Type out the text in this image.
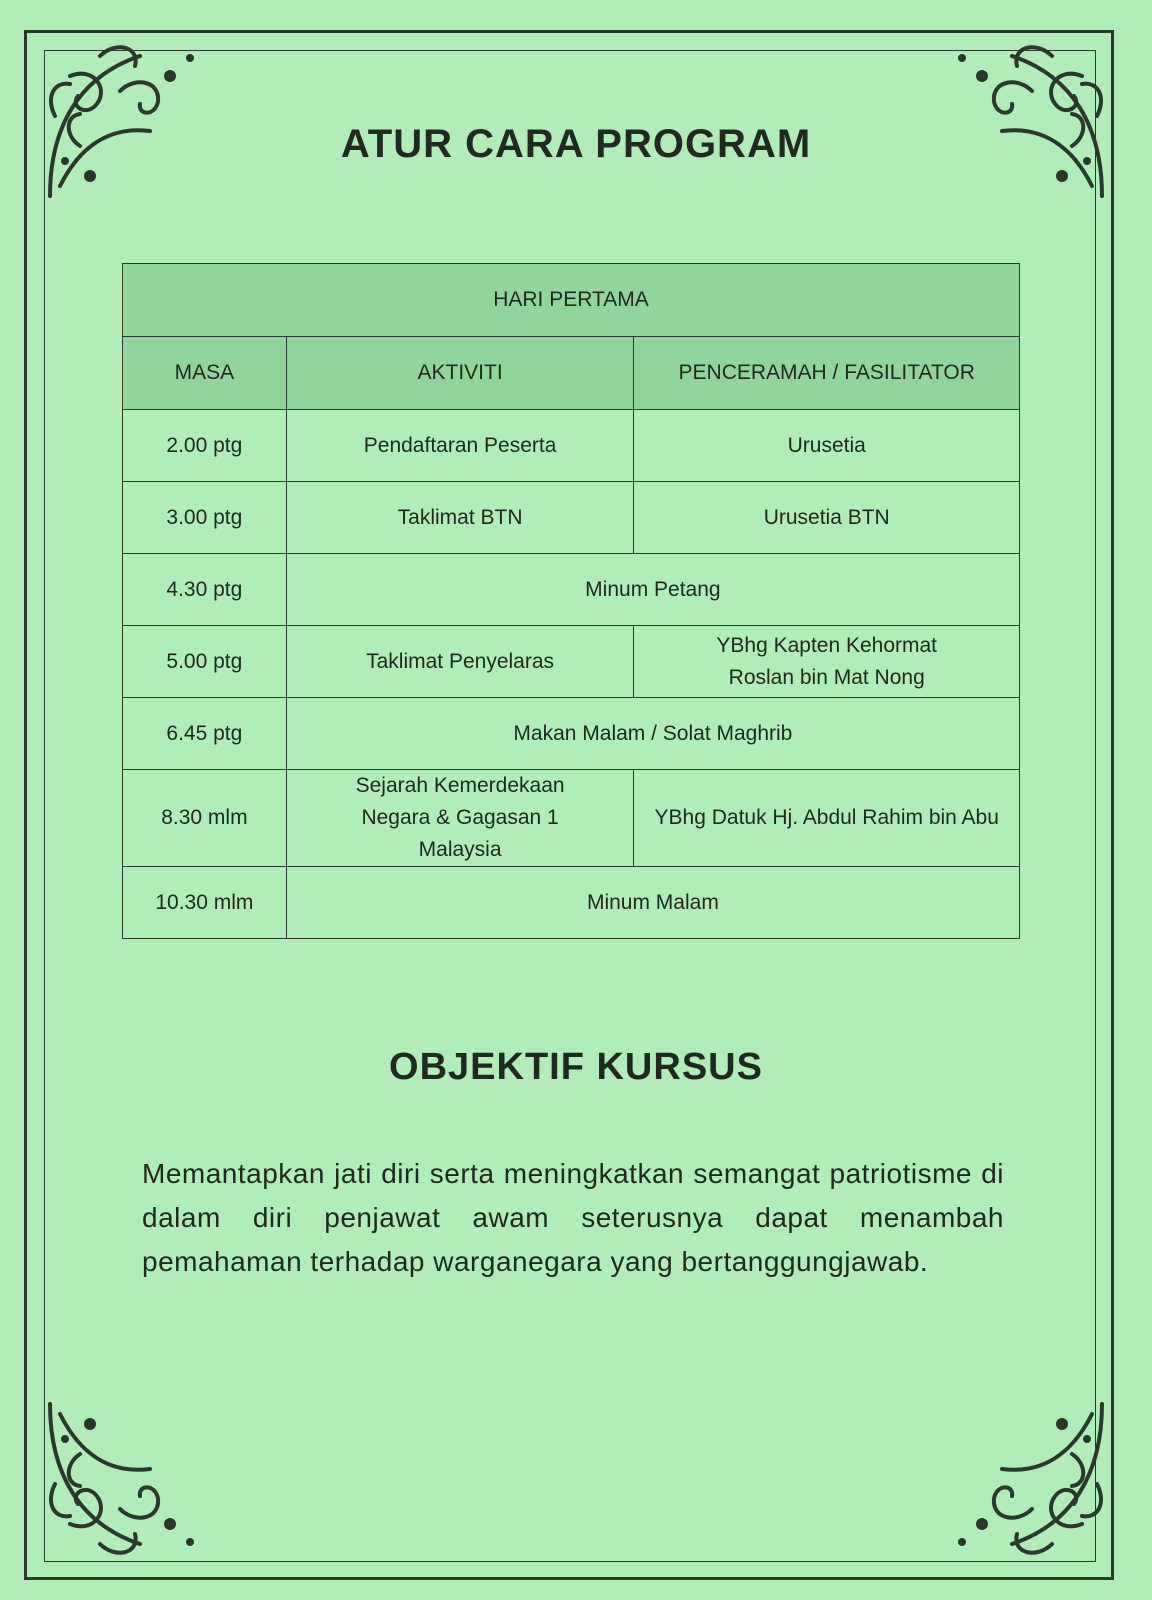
ATUR CARA PROGRAM
HARI PERTAMA		
MASA	AKTIVITI	PENCERAMAH / FASILITATOR
2.00 ptg	Pendaftaran Peserta	Urusetia
3.00 ptg	Taklimat BTN	Urusetia BTN
4.30 ptg	Minum Petang	
5.00 ptg	Taklimat Penyelaras	YBhg Kapten Kehormat Roslan bin Mat Nong
6.45 ptg	Makan Malam / Solat Maghrib	
8.30 mlm	Sejarah Kemerdekaan Negara & Gagasan 1 Malaysia	YBhg Datuk Hj. Abdul Rahim bin Abu
10.30 mlm	Minum Malam	
OBJEKTIF KURSUS
Memantapkan jati diri serta meningkatkan semangat patriotisme di dalam diri penjawat awam seterusnya dapat menambah pemahaman terhadap warganegara yang bertanggungjawab.
